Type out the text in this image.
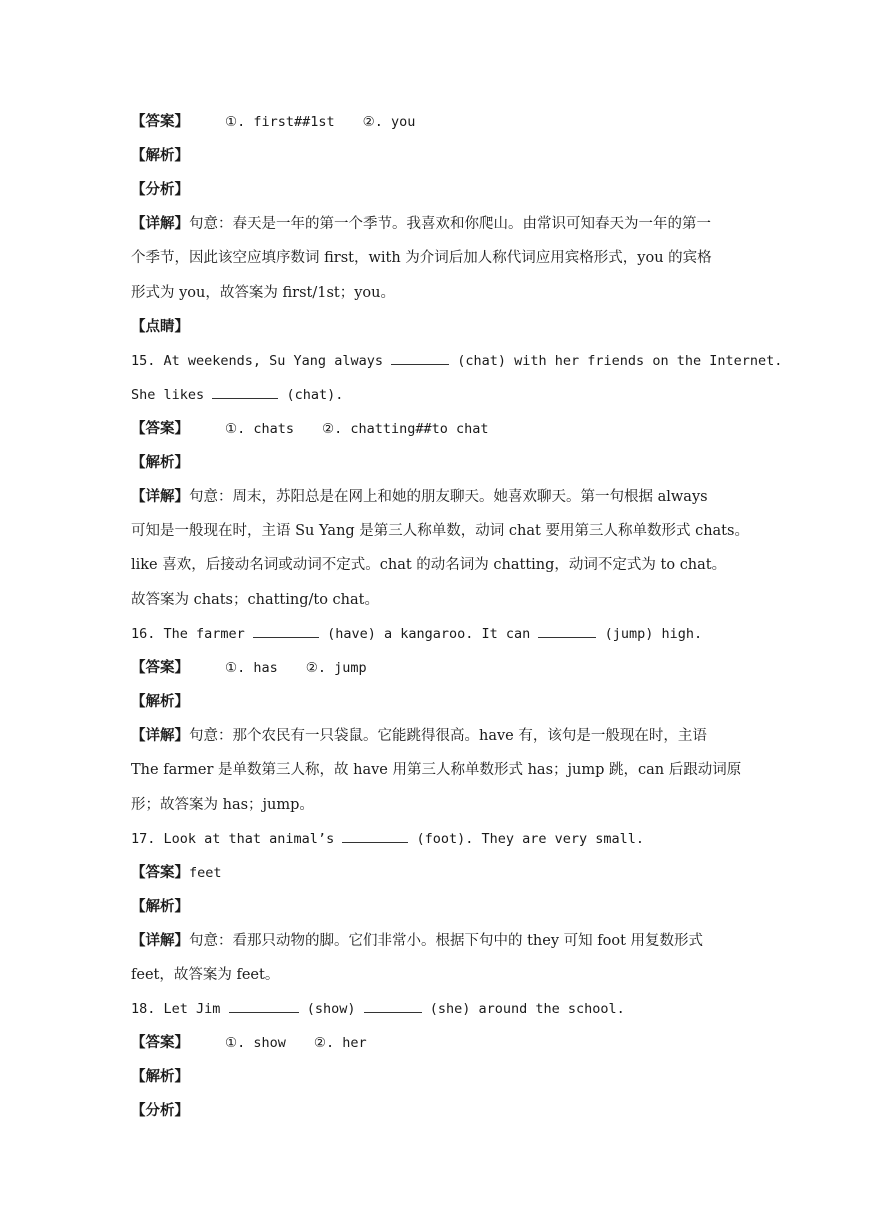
【答案】	①. first##1st ②. you
【解析】
【分析】
【详解】句意：春天是一年的第一个季节。我喜欢和你爬山。由常识可知春天为一年的第一
个季节，因此该空应填序数词 first，with 为介词后加人称代词应用宾格形式，you 的宾格
形式为 you，故答案为 first/1st；you。
【点睛】
15. At weekends, Su Yang always	(chat) with her friends on the Internet.
She likes	(chat).
【答案】	①. chats ②. chatting##to chat
【解析】
【详解】句意：周末，苏阳总是在网上和她的朋友聊天。她喜欢聊天。第一句根据 always
可知是一般现在时，主语 Su Yang 是第三人称单数，动词 chat 要用第三人称单数形式 chats。
like 喜欢，后接动名词或动词不定式。chat 的动名词为 chatting，动词不定式为 to chat。
故答案为 chats；chatting/to chat。
16. The farmer	(have) a kangaroo. It can	(jump) high.
【答案】	①. has ②. jump
【解析】
【详解】句意：那个农民有一只袋鼠。它能跳得很高。have 有，该句是一般现在时，主语
The farmer 是单数第三人称，故 have 用第三人称单数形式 has；jump 跳，can 后跟动词原
形；故答案为 has；jump。
17. Look at that animal’s	(foot). They are very small.
【答案】feet
【解析】
【详解】句意：看那只动物的脚。它们非常小。根据下句中的 they 可知 foot 用复数形式
feet，故答案为 feet。
18. Let Jim	(show)	(she) around the school.
【答案】	①. show ②. her
【解析】
【分析】
